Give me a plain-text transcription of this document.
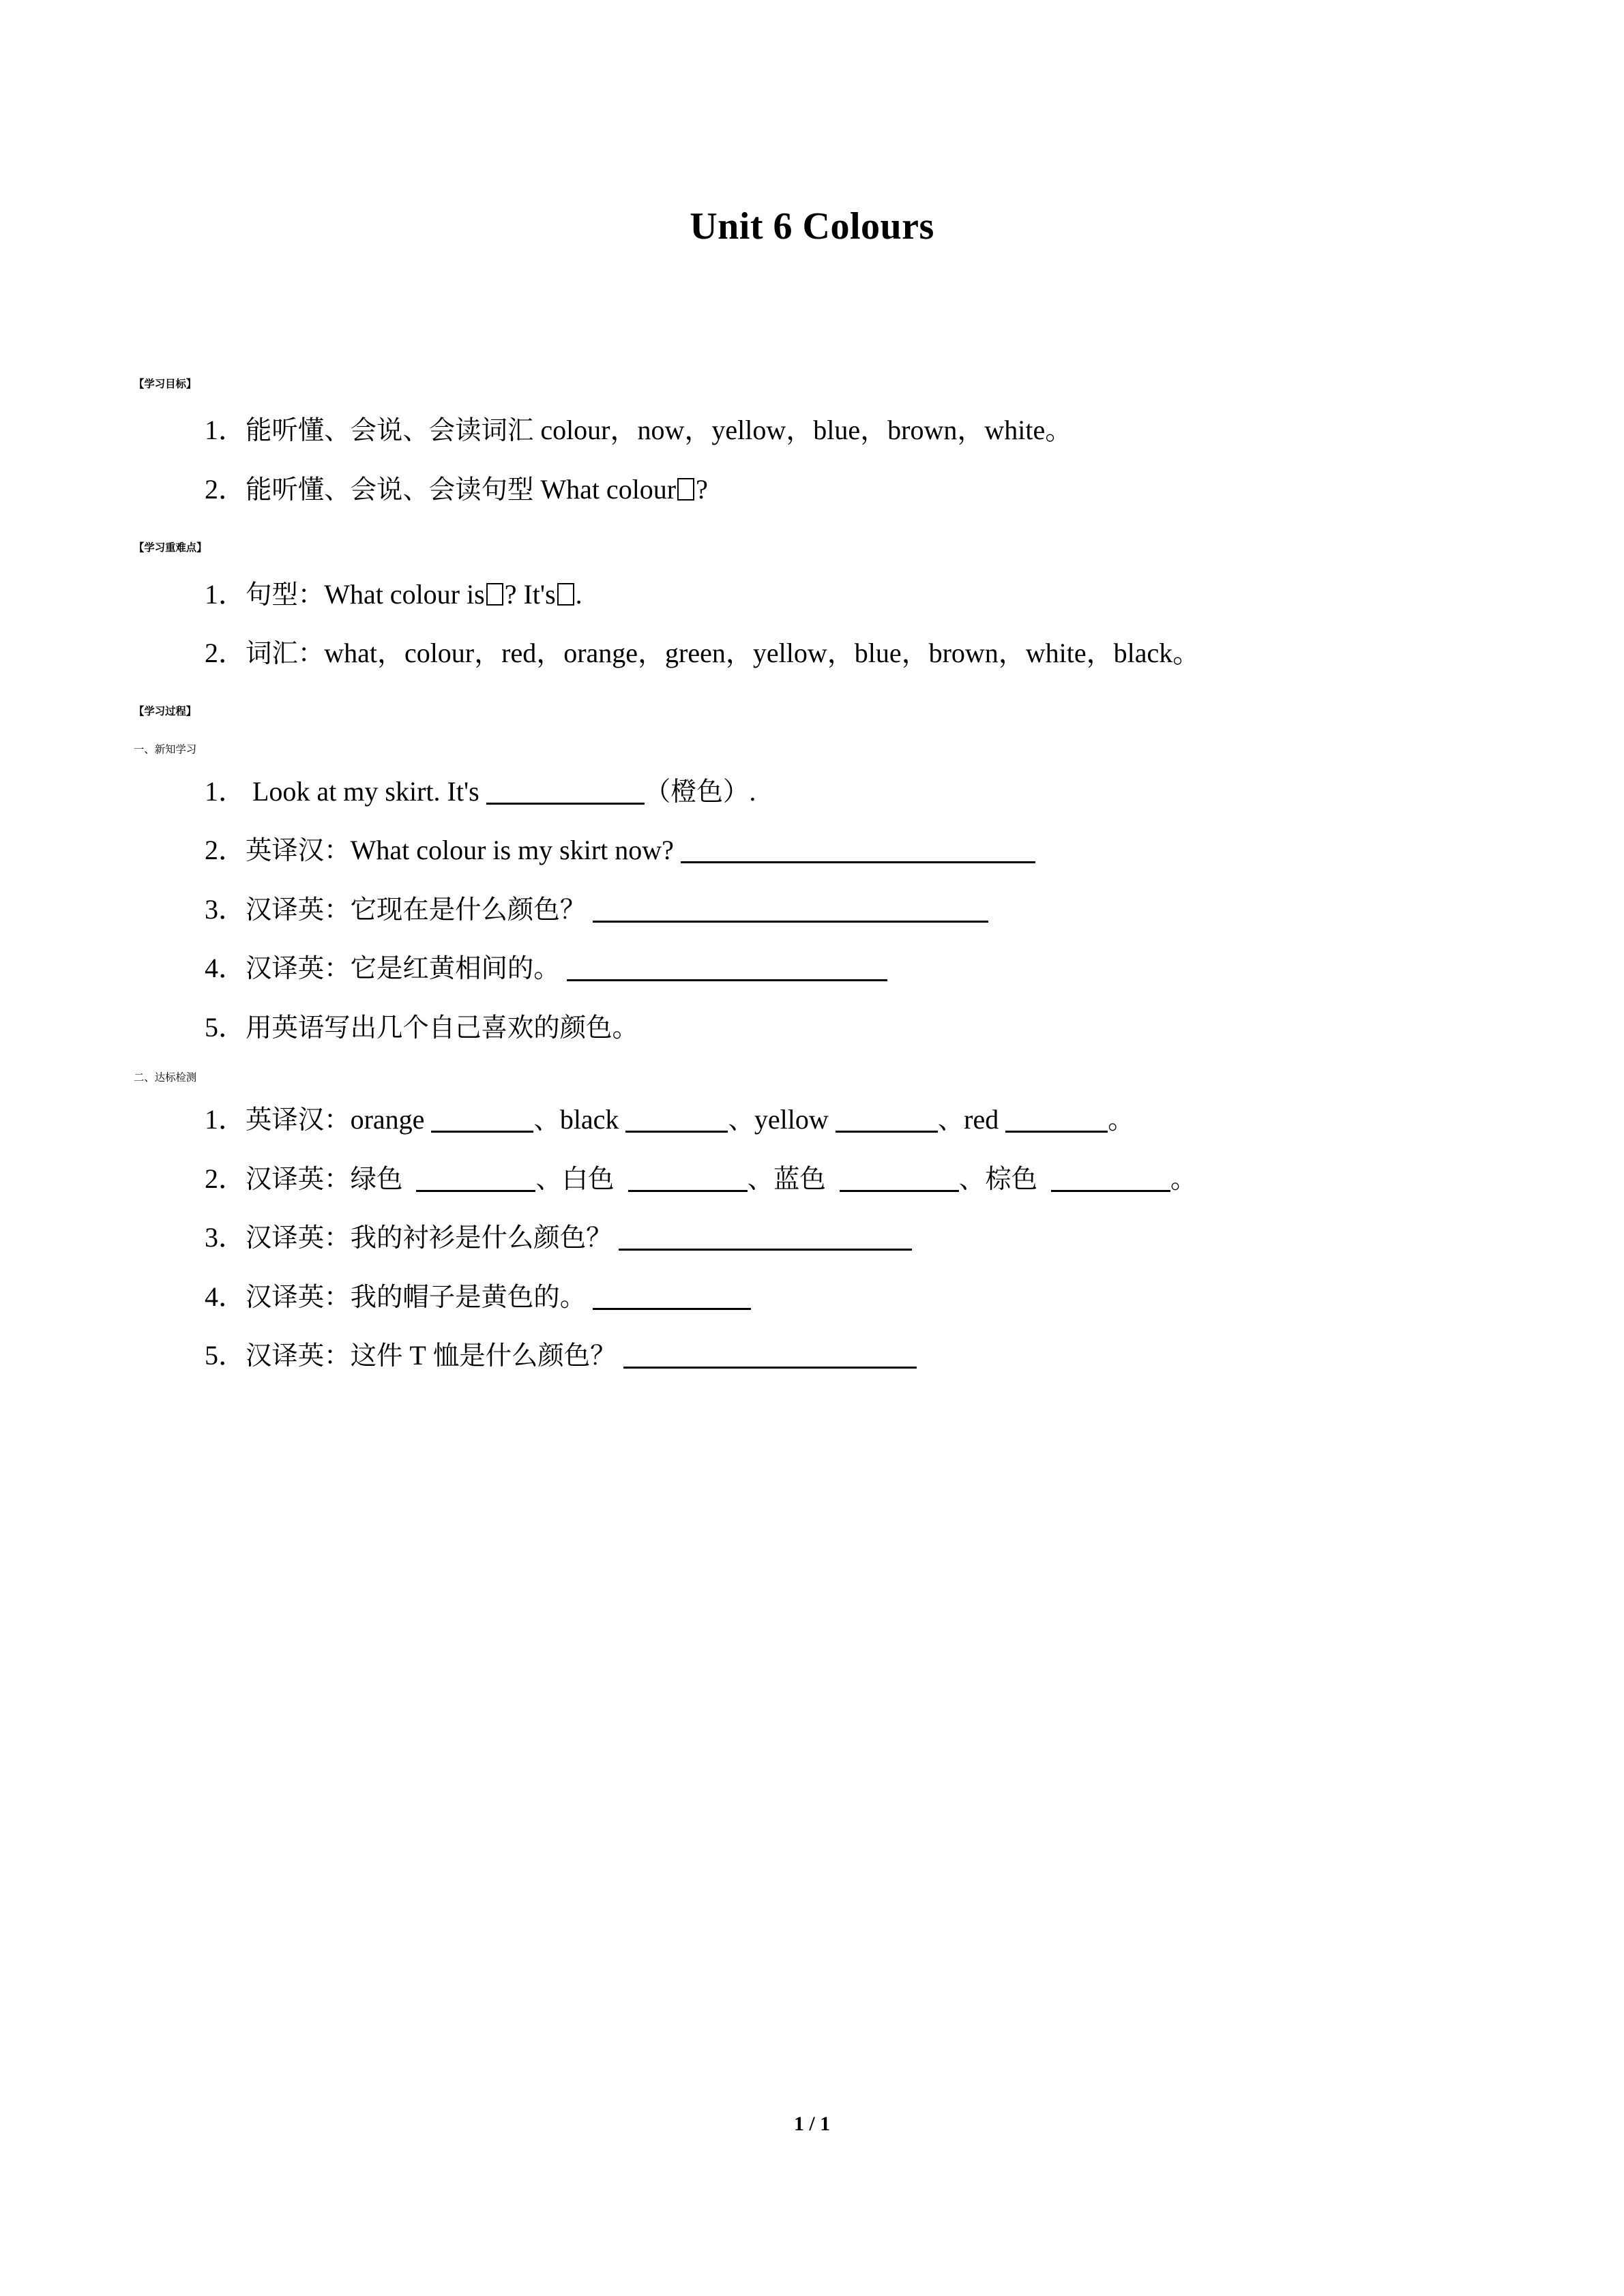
Unit 6 Colours
【学习目标】
1．能听懂、会说、会读词汇 colour，now，yellow，blue，brown，white。
2．能听懂、会说、会读句型 What colour ?
【学习重难点】
1．句型：What colour is ? It's .
2．词汇：what，colour，red，orange，green，yellow，blue，brown，white，black。
【学习过程】
一、新知学习
1． Look at my skirt. It's	（橙色）.
2．英译汉：What colour is my skirt now?
3．汉译英：它现在是什么颜色？
4．汉译英：它是红黄相间的。
5．用英语写出几个自己喜欢的颜色。
二、达标检测
1．英译汉：orange	、black	、yellow	、red	。
2．汉译英：绿色	、白色	、蓝色	、棕色	。
3．汉译英：我的衬衫是什么颜色？
4．汉译英：我的帽子是黄色的。
5．汉译英：这件 T 恤是什么颜色？
1 / 1
